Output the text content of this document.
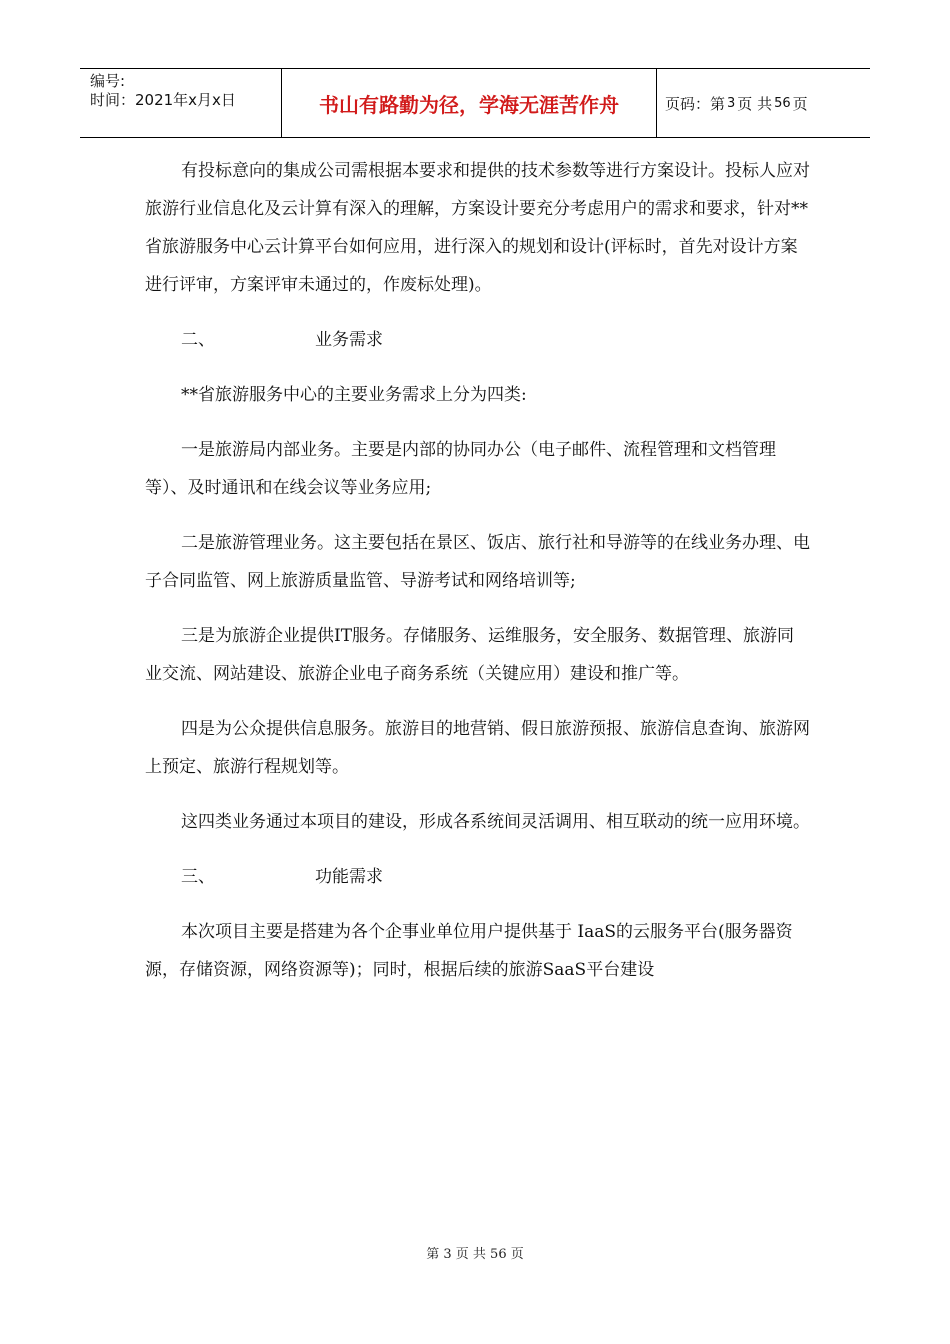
编号:
时间：2021年x月x日	书山有路勤为径，学海无涯苦作舟	页码：第 3 页 共 56 页

有投标意向的集成公司需根据本要求和提供的技术参数等进行方案设计。投标人应对旅游行业信息化及云计算有深入的理解，方案设计要充分考虑用户的需求和要求，针对**省旅游服务中心云计算平台如何应用，进行深入的规划和设计(评标时，首先对设计方案进行评审，方案评审未通过的，作废标处理)。

二、	业务需求

**省旅游服务中心的主要业务需求上分为四类:

一是旅游局内部业务。主要是内部的协同办公（电子邮件、流程管理和文档管理等）、及时通讯和在线会议等业务应用;

二是旅游管理业务。这主要包括在景区、饭店、旅行社和导游等的在线业务办理、电子合同监管、网上旅游质量监管、导游考试和网络培训等;

三是为旅游企业提供IT服务。存储服务、运维服务，安全服务、数据管理、旅游同业交流、网站建设、旅游企业电子商务系统（关键应用）建设和推广等。

四是为公众提供信息服务。旅游目的地营销、假日旅游预报、旅游信息查询、旅游网上预定、旅游行程规划等。

这四类业务通过本项目的建设，形成各系统间灵活调用、相互联动的统一应用环境。

三、	功能需求

本次项目主要是搭建为各个企事业单位用户提供基于 IaaS的云服务平台(服务器资源，存储资源，网络资源等)；同时，根据后续的旅游SaaS平台建设

第 3 页 共 56 页
